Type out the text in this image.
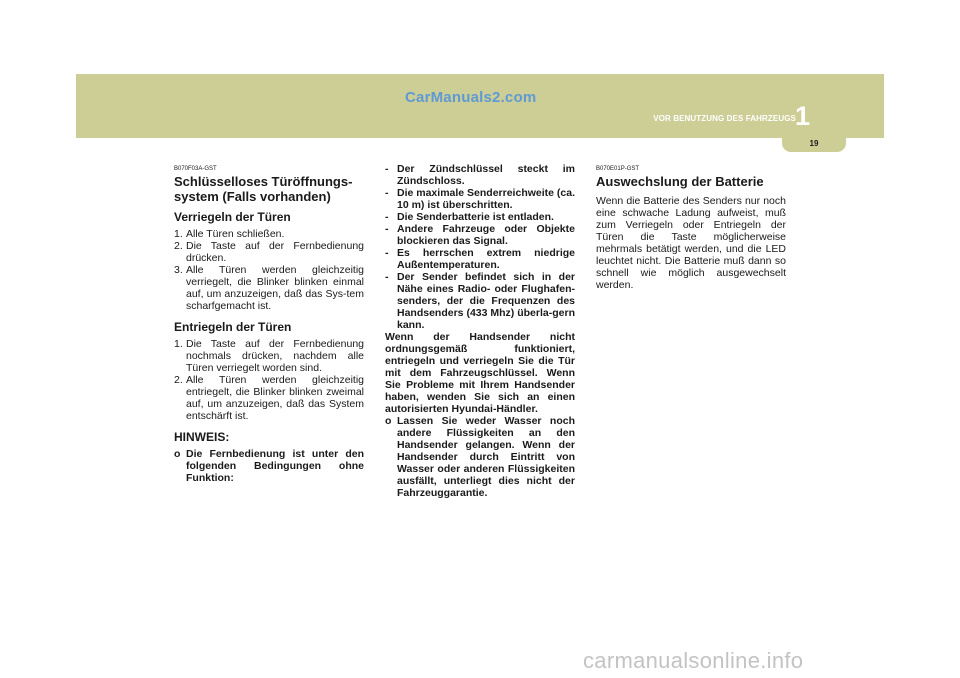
CarManuals2.com
VOR BENUTZUNG DES FAHRZEUGS 1
19
B070F03A-GST
Schlüsselloses Türöffnungs-system (Falls vorhanden)
Verriegeln der Türen
1. Alle Türen schließen.
2. Die Taste auf der Fernbedienung drücken.
3. Alle Türen werden gleichzeitig verriegelt, die Blinker blinken einmal auf, um anzuzeigen, daß das Sys-tem scharfgemacht ist.
Entriegeln der Türen
1. Die Taste auf der Fernbedienung nochmals drücken, nachdem alle Türen verriegelt worden sind.
2. Alle Türen werden gleichzeitig entriegelt, die Blinker blinken zweimal auf, um anzuzeigen, daß das System entschärft ist.
HINWEIS:
o Die Fernbedienung ist unter den folgenden Bedingungen ohne Funktion:
- Der Zündschlüssel steckt im Zündschloss.
- Die maximale Senderreichweite (ca. 10 m) ist überschritten.
- Die Senderbatterie ist entladen.
- Andere Fahrzeuge oder Objekte blockieren das Signal.
- Es herrschen extrem niedrige Außentemperaturen.
- Der Sender befindet sich in der Nähe eines Radio- oder Flughafen-senders, der die Frequenzen des Handsenders (433 Mhz) überla-gern kann.

Wenn der Handsender nicht ordnungsgemäß funktioniert, entriegeln und verriegeln Sie die Tür mit dem Fahrzeugschlüssel. Wenn Sie Probleme mit Ihrem Handsender haben, wenden Sie sich an einen autorisierten Hyundai-Händler.

o Lassen Sie weder Wasser noch andere Flüssigkeiten an den Handsender gelangen. Wenn der Handsender durch Eintritt von Wasser oder anderen Flüssigkeiten ausfällt, unterliegt dies nicht der Fahrzeuggarantie.
B070E01P-GST
Auswechslung der Batterie

Wenn die Batterie des Senders nur noch eine schwache Ladung aufweist, muß zum Verriegeln oder Entriegeln der Türen die Taste möglicherweise mehrmals betätigt werden, und die LED leuchtet nicht. Die Batterie muß dann so schnell wie möglich ausgewechselt werden.

carmanualsonline.info
